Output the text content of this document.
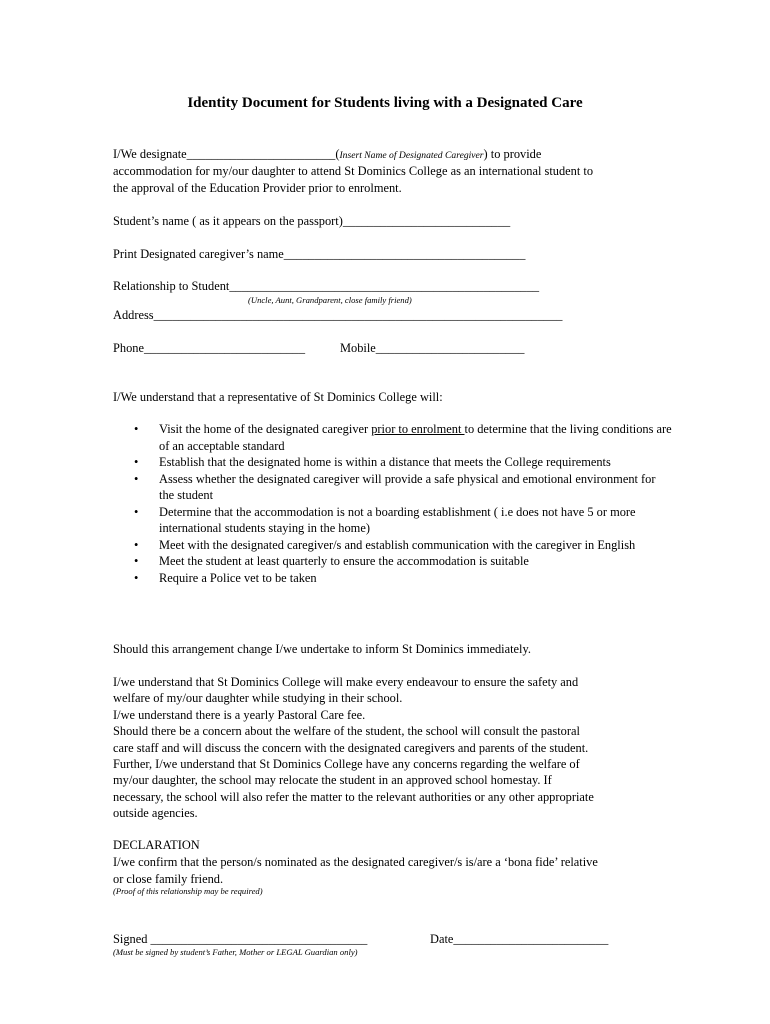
Identity Document for Students living with a Designated Care
I/We designate________________________(Insert Name of Designated Caregiver) to provide
accommodation for my/our daughter to attend St Dominics College as an international student to
the approval of the Education Provider prior to enrolment.
Student’s name ( as it appears on the passport)___________________________
Print Designated caregiver’s name_______________________________________
Relationship to Student__________________________________________________
(Uncle, Aunt, Grandparent, close family friend)
Address__________________________________________________________________
Phone__________________________	Mobile________________________
I/We understand that a representative of St Dominics College will:
• Visit the home of the designated caregiver prior to enrolment to determine that the living conditions are of an acceptable standard
• Establish that the designated home is within a distance that meets the College requirements
• Assess whether the designated caregiver will provide a safe physical and emotional environment for the student
• Determine that the accommodation is not a boarding establishment ( i.e does not have 5 or more international students staying in the home)
• Meet with the designated caregiver/s and establish communication with the caregiver in English
• Meet the student at least quarterly to ensure the accommodation is suitable
• Require a Police vet to be taken
Should this arrangement change I/we undertake to inform St Dominics immediately.
I/we understand that St Dominics College will make every endeavour to ensure the safety and
welfare of my/our daughter while studying in their school.
I/we understand there is a yearly Pastoral Care fee.
Should there be a concern about the welfare of the student, the school will consult the pastoral
care staff and will discuss the concern with the designated caregivers and parents of the student.
Further, I/we understand that St Dominics College have any concerns regarding the welfare of
my/our daughter, the school may relocate the student in an approved school homestay. If
necessary, the school will also refer the matter to the relevant authorities or any other appropriate
outside agencies.
DECLARATION
I/we confirm that the person/s nominated as the designated caregiver/s is/are a ‘bona fide’ relative
or close family friend.
(Proof of this relationship may be required)
Signed ___________________________________	Date_________________________
(Must be signed by student’s Father, Mother or LEGAL Guardian only)
